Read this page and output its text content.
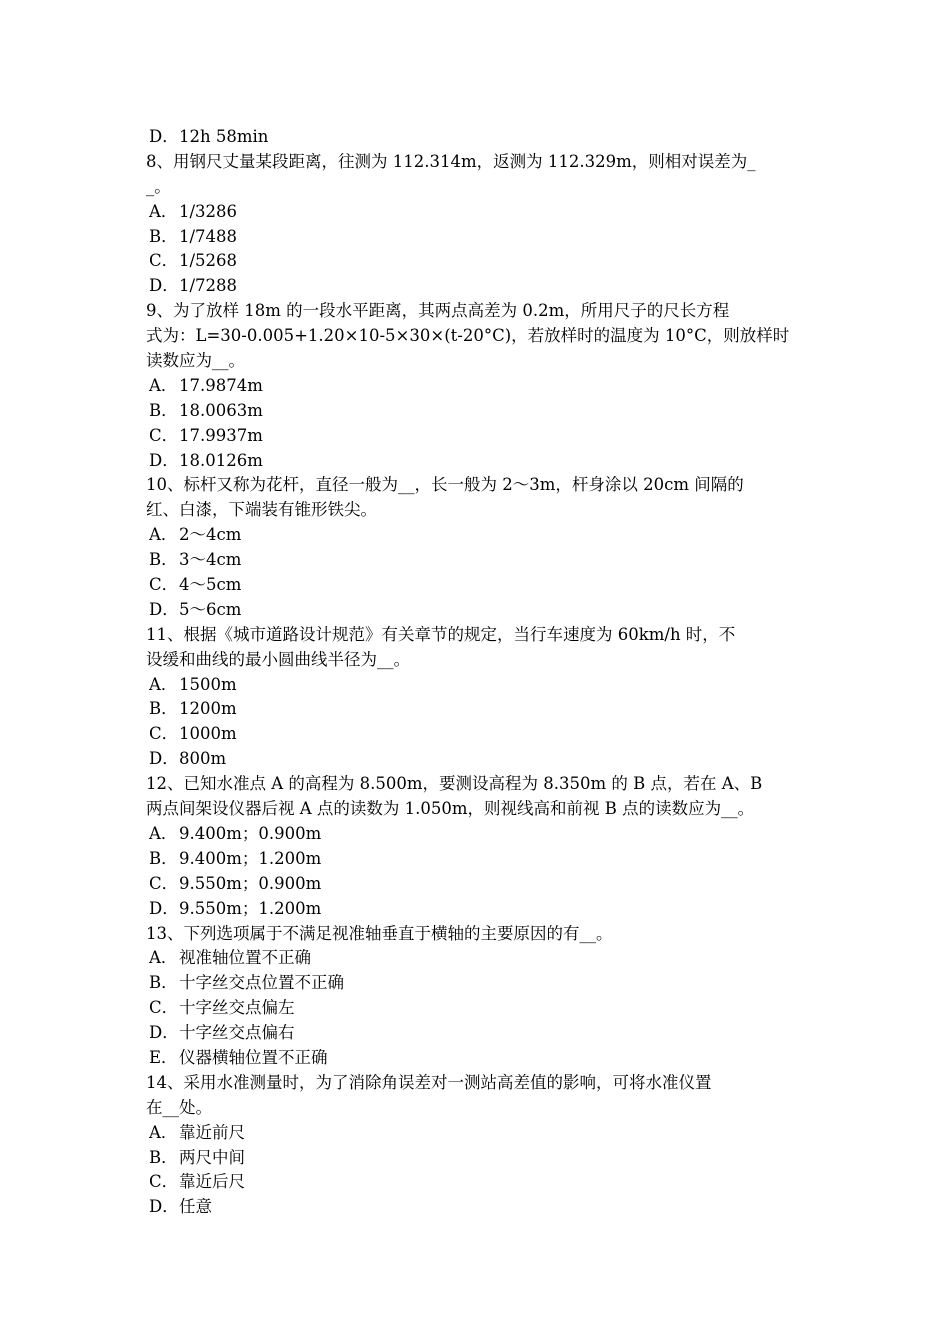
D．12h 58min
8、用钢尺丈量某段距离，往测为 112.314m，返测为 112.329m，则相对误差为_
_。
A．1/3286
B．1/7488
C．1/5268
D．1/7288
9、为了放样 18m 的一段水平距离，其两点高差为 0.2m，所用尺子的尺长方程
式为：L=30-0.005+1.20×10-5×30×(t-20°C)，若放样时的温度为 10°C，则放样时
读数应为__。
A．17.9874m
B．18.0063m
C．17.9937m
D．18.0126m
10、标杆又称为花杆，直径一般为__，长一般为 2～3m，杆身涂以 20cm 间隔的
红、白漆，下端装有锥形铁尖。
A．2～4cm
B．3～4cm
C．4～5cm
D．5～6cm
11、根据《城市道路设计规范》有关章节的规定，当行车速度为 60km/h 时，不
设缓和曲线的最小圆曲线半径为__。
A．1500m
B．1200m
C．1000m
D．800m
12、已知水准点 A 的高程为 8.500m，要测设高程为 8.350m 的 B 点，若在 A、B
两点间架设仪器后视 A 点的读数为 1.050m，则视线高和前视 B 点的读数应为__。
A．9.400m；0.900m
B．9.400m；1.200m
C．9.550m；0.900m
D．9.550m；1.200m
13、下列选项属于不满足视准轴垂直于横轴的主要原因的有__。
A．视准轴位置不正确
B．十字丝交点位置不正确
C．十字丝交点偏左
D．十字丝交点偏右
E．仪器横轴位置不正确
14、采用水准测量时，为了消除角误差对一测站高差值的影响，可将水准仪置
在__处。
A．靠近前尺
B．两尺中间
C．靠近后尺
D．任意
